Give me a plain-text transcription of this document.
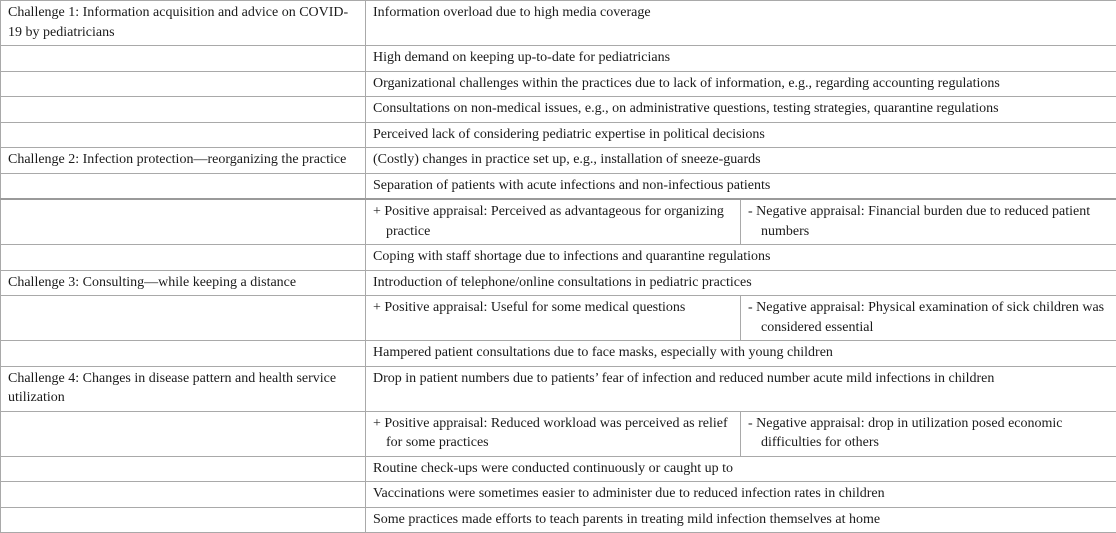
Challenge 1: Information acquisition and advice on COVID-19 by pediatricians	Information overload due to high media coverage	
	High demand on keeping up-to-date for pediatricians	
	Organizational challenges within the practices due to lack of information, e.g., regarding accounting regulations	
	Consultations on non-medical issues, e.g., on administrative questions, testing strategies, quarantine regulations	
	Perceived lack of considering pediatric expertise in political decisions	
Challenge 2: Infection protection—reorganizing the practice	(Costly) changes in practice set up, e.g., installation of sneeze-guards	
	Separation of patients with acute infections and non-infectious patients	
	+ Positive appraisal: Perceived as advantageous for organizing practice	- Negative appraisal: Financial burden due to reduced patient numbers
	Coping with staff shortage due to infections and quarantine regulations	
Challenge 3: Consulting—while keeping a distance	Introduction of telephone/online consultations in pediatric practices	
	+ Positive appraisal: Useful for some medical questions	- Negative appraisal: Physical examination of sick children was considered essential
	Hampered patient consultations due to face masks, especially with young children	
Challenge 4: Changes in disease pattern and health service utilization	Drop in patient numbers due to patients’ fear of infection and reduced number acute mild infections in children	
	+ Positive appraisal: Reduced workload was perceived as relief for some practices	- Negative appraisal: drop in utilization posed economic difficulties for others
	Routine check-ups were conducted continuously or caught up to	
	Vaccinations were sometimes easier to administer due to reduced infection rates in children	
	Some practices made efforts to teach parents in treating mild infection themselves at home	
